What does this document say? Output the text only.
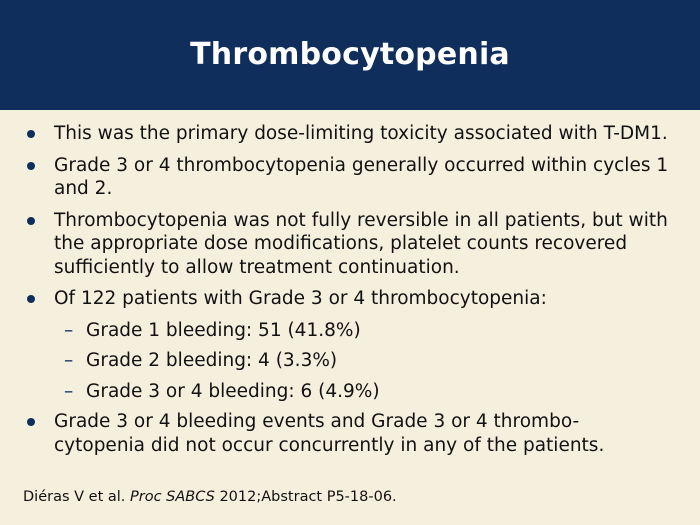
Thrombocytopenia
This was the primary dose-limiting toxicity associated with T-DM1.
Grade 3 or 4 thrombocytopenia generally occurred within cycles 1 and 2.
Thrombocytopenia was not fully reversible in all patients, but with the appropriate dose modifications, platelet counts recovered sufficiently to allow treatment continuation.
Of 122 patients with Grade 3 or 4 thrombocytopenia:
– Grade 1 bleeding: 51 (41.8%)
– Grade 2 bleeding: 4 (3.3%)
– Grade 3 or 4 bleeding: 6 (4.9%)
Grade 3 or 4 bleeding events and Grade 3 or 4 thrombo-cytopenia did not occur concurrently in any of the patients.
Diéras V et al. Proc SABCS 2012;Abstract P5-18-06.
